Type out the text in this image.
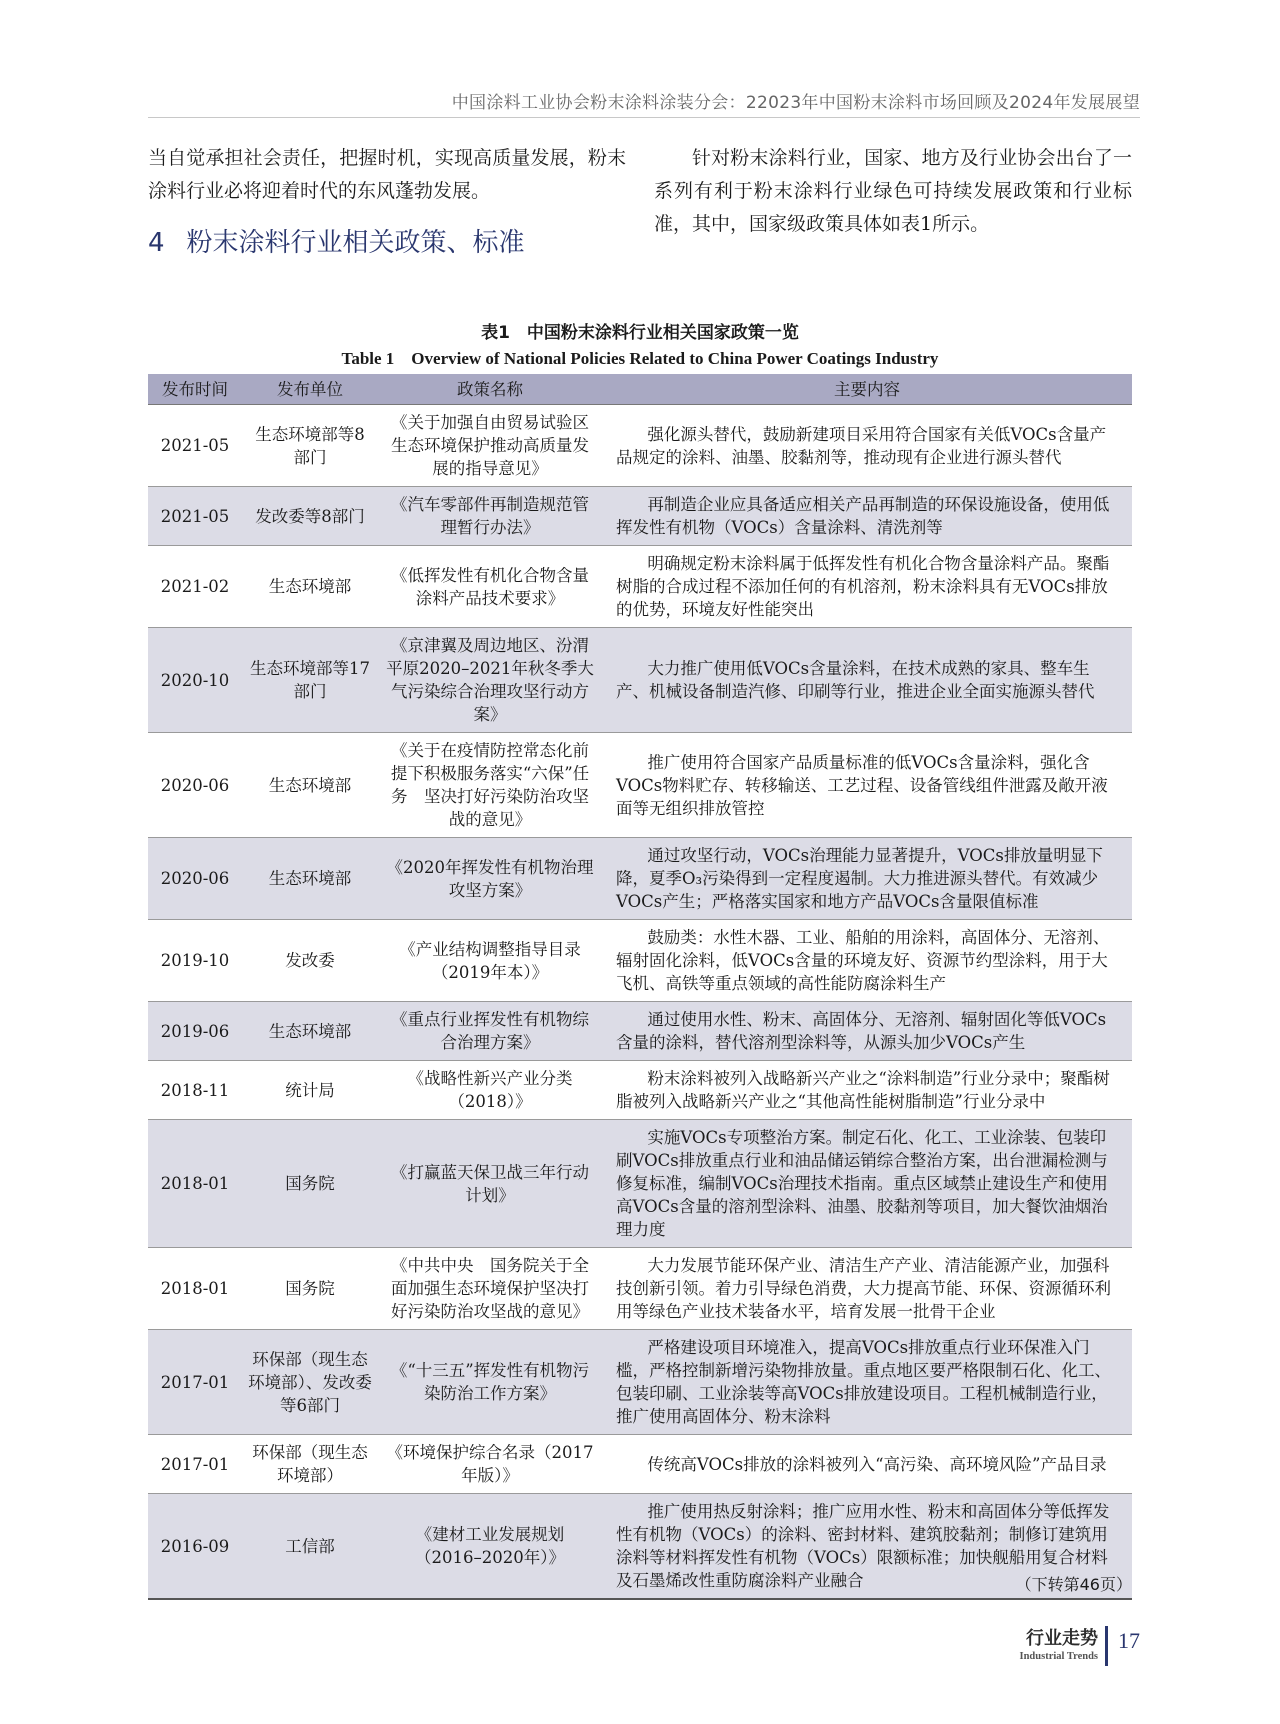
中国涂料工业协会粉末涂料涂装分会：22023年中国粉末涂料市场回顾及2024年发展展望
当自觉承担社会责任，把握时机，实现高质量发展，粉末涂料行业必将迎着时代的东风蓬勃发展。
针对粉末涂料行业，国家、地方及行业协会出台了一系列有利于粉末涂料行业绿色可持续发展政策和行业标准，其中，国家级政策具体如表1所示。
4 粉末涂料行业相关政策、标准
表1　中国粉末涂料行业相关国家政策一览
Table 1　Overview of National Policies Related to China Power Coatings Industry
发布时间	发布单位	政策名称	主要内容
2021-05	生态环境部等8部门	《关于加强自由贸易试验区生态环境保护推动高质量发展的指导意见》	强化源头替代，鼓励新建项目采用符合国家有关低VOCs含量产品规定的涂料、油墨、胶黏剂等，推动现有企业进行源头替代

2021-05	发改委等8部门	《汽车零部件再制造规范管理暂行办法》	再制造企业应具备适应相关产品再制造的环保设施设备，使用低挥发性有机物（VOCs）含量涂料、清洗剂等

2021-02	生态环境部	《低挥发性有机化合物含量涂料产品技术要求》	明确规定粉末涂料属于低挥发性有机化合物含量涂料产品。聚酯树脂的合成过程不添加任何的有机溶剂，粉末涂料具有无VOCs排放的优势，环境友好性能突出

2020-10	生态环境部等17部门	《京津翼及周边地区、汾渭平原2020–2021年秋冬季大气污染综合治理攻坚行动方案》	大力推广使用低VOCs含量涂料，在技术成熟的家具、整车生产、机械设备制造汽修、印刷等行业，推进企业全面实施源头替代

2020-06	生态环境部	《关于在疫情防控常态化前提下积极服务落实“六保”任务　坚决打好污染防治攻坚战的意见》	推广使用符合国家产品质量标准的低VOCs含量涂料，强化含VOCs物料贮存、转移输送、工艺过程、设备管线组件泄露及敞开液面等无组织排放管控

2020-06	生态环境部	《2020年挥发性有机物治理攻坚方案》	通过攻坚行动，VOCs治理能力显著提升，VOCs排放量明显下降，夏季O₃污染得到一定程度遏制。大力推进源头替代。有效减少VOCs产生；严格落实国家和地方产品VOCs含量限值标准

2019-10	发改委	《产业结构调整指导目录（2019年本）》	鼓励类：水性木器、工业、船舶的用涂料，高固体分、无溶剂、辐射固化涂料，低VOCs含量的环境友好、资源节约型涂料，用于大飞机、高铁等重点领域的高性能防腐涂料生产

2019-06	生态环境部	《重点行业挥发性有机物综合治理方案》	通过使用水性、粉末、高固体分、无溶剂、辐射固化等低VOCs含量的涂料，替代溶剂型涂料等，从源头加少VOCs产生

2018-11	统计局	《战略性新兴产业分类（2018）》	粉末涂料被列入战略新兴产业之“涂料制造”行业分录中；聚酯树脂被列入战略新兴产业之“其他高性能树脂制造”行业分录中

2018-01	国务院	《打赢蓝天保卫战三年行动计划》	实施VOCs专项整治方案。制定石化、化工、工业涂装、包装印刷VOCs排放重点行业和油品储运销综合整治方案，出台泄漏检测与修复标准，编制VOCs治理技术指南。重点区域禁止建设生产和使用高VOCs含量的溶剂型涂料、油墨、胶黏剂等项目，加大餐饮油烟治理力度

2018-01	国务院	《中共中央　国务院关于全面加强生态环境保护坚决打好污染防治攻坚战的意见》	大力发展节能环保产业、清洁生产产业、清洁能源产业，加强科技创新引领。着力引导绿色消费，大力提高节能、环保、资源循环利用等绿色产业技术装备水平，培育发展一批骨干企业

2017-01	环保部（现生态环境部）、发改委等6部门	《“十三五”挥发性有机物污染防治工作方案》	严格建设项目环境准入，提高VOCs排放重点行业环保准入门槛，严格控制新增污染物排放量。重点地区要严格限制石化、化工、包装印刷、工业涂装等高VOCs排放建设项目。工程机械制造行业，推广使用高固体分、粉末涂料

2017-01	环保部（现生态环境部）	《环境保护综合名录（2017年版）》	传统高VOCs排放的涂料被列入“高污染、高环境风险”产品目录

2016-09	工信部	《建材工业发展规划（2016–2020年）》	推广使用热反射涂料；推广应用水性、粉末和高固体分等低挥发性有机物（VOCs）的涂料、密封材料、建筑胶黏剂；制修订建筑用涂料等材料挥发性有机物（VOCs）限额标准；加快舰船用复合材料及石墨烯改性重防腐涂料产业融合	（下转第46页）
行业走势
Industrial Trends
17
